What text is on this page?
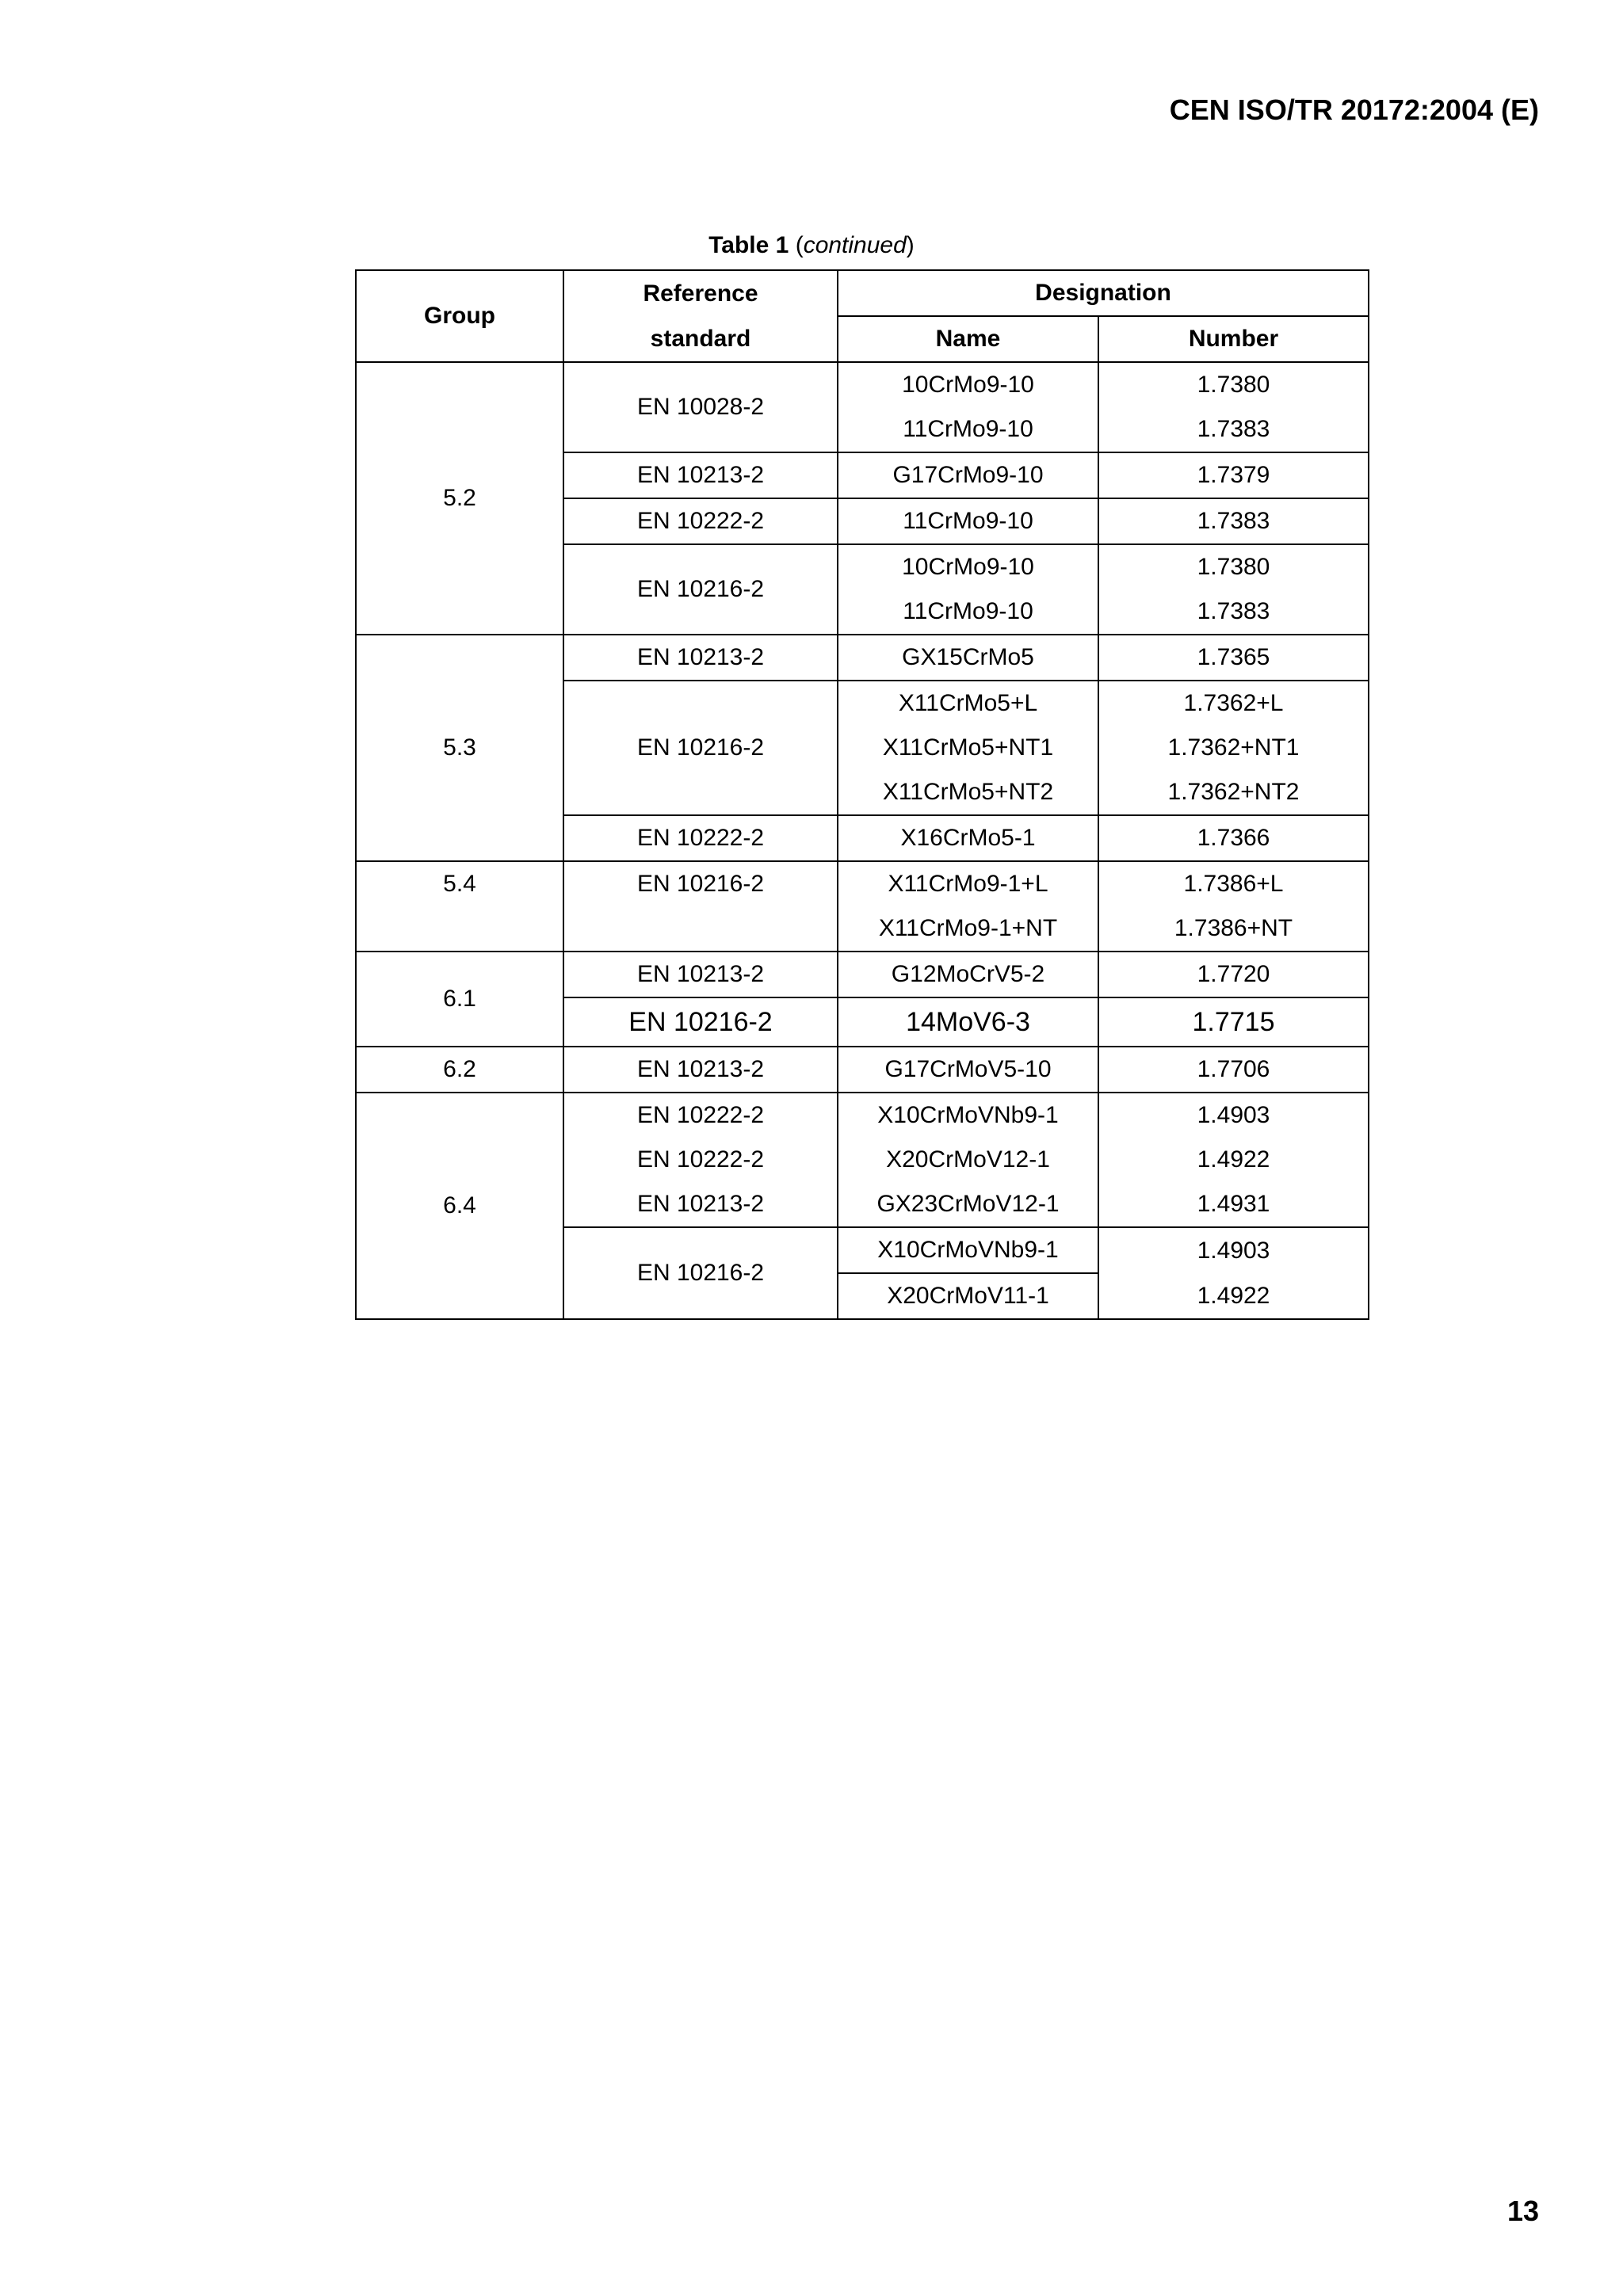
CEN ISO/TR 20172:2004 (E)
Table 1 (continued)
Group	Reference	Designation	
	standard	Name	Number
5.2	EN 10028-2	10CrMo9-10	1.7380
		11CrMo9-10	1.7383
	EN 10213-2	G17CrMo9-10	1.7379
	EN 10222-2	11CrMo9-10	1.7383
	EN 10216-2	10CrMo9-10	1.7380
		11CrMo9-10	1.7383
5.3	EN 10213-2	GX15CrMo5	1.7365
	EN 10216-2	X11CrMo5+L	1.7362+L
		X11CrMo5+NT1	1.7362+NT1
		X11CrMo5+NT2	1.7362+NT2
	EN 10222-2	X16CrMo5-1	1.7366
5.4	EN 10216-2	X11CrMo9-1+L	1.7386+L
		X11CrMo9-1+NT	1.7386+NT
6.1	EN 10213-2	G12MoCrV5-2	1.7720
	EN 10216-2	14MoV6-3	1.7715
6.2	EN 10213-2	G17CrMoV5-10	1.7706
6.4	EN 10222-2	X10CrMoVNb9-1	1.4903
	EN 10222-2	X20CrMoV12-1	1.4922
	EN 10213-2	GX23CrMoV12-1	1.4931
	EN 10216-2	X10CrMoVNb9-1	1.4903
		X20CrMoV11-1	1.4922
13
